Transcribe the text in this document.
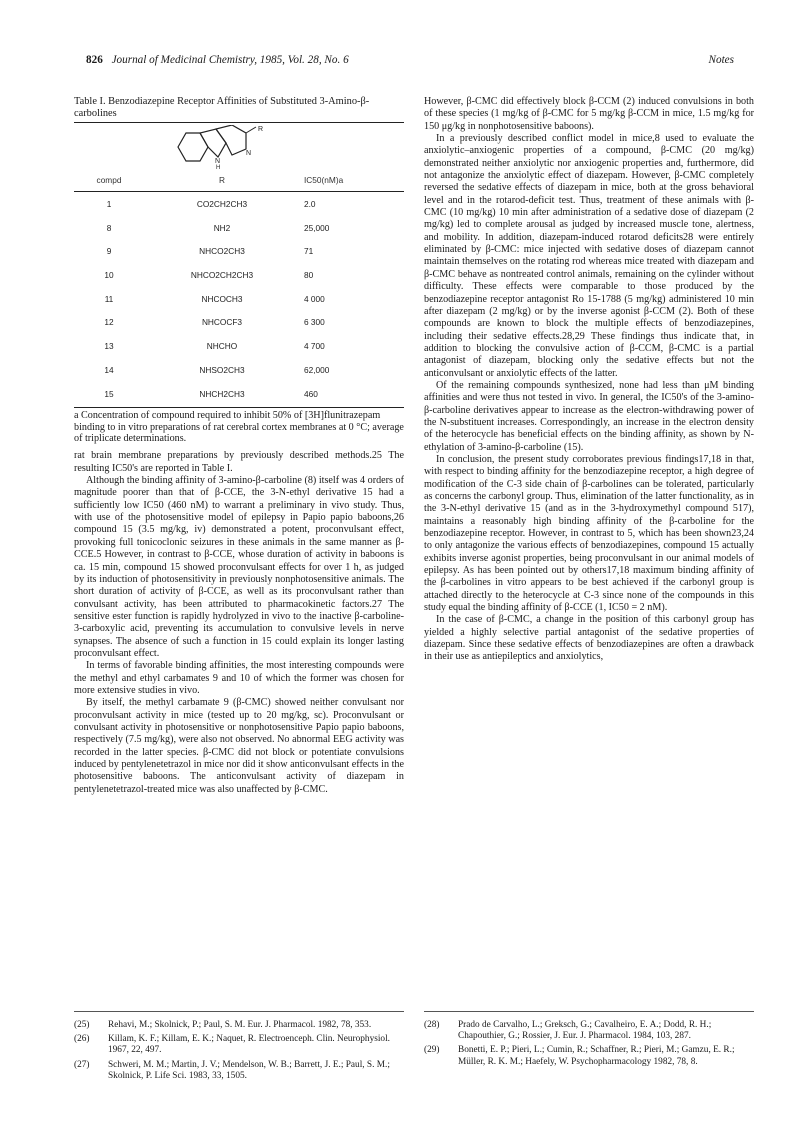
826 Journal of Medicinal Chemistry, 1985, Vol. 28, No. 6	Notes

Table I. Benzodiazepine Receptor Affinities of Substituted 3-Amino-β-carbolines

R
N
H
N
compd	R	IC50(nM)a
1	CO2CH2CH3	2.0
8	NH2	25,000
9	NHCO2CH3	71
10	NHCO2CH2CH3	80
11	NHCOCH3	4 000
12	NHCOCF3	6 300
13	NHCHO	4 700
14	NHSO2CH3	62,000
15	NHCH2CH3	460

a Concentration of compound required to inhibit 50% of [3H]flunitrazepam binding to in vitro preparations of rat cerebral cortex membranes at 0 °C; average of triplicate determinations.

rat brain membrane preparations by previously described methods.25 The resulting IC50's are reported in Table I.

Although the binding affinity of 3-amino-β-carboline (8) itself was 4 orders of magnitude poorer than that of β-CCE, the 3-N-ethyl derivative 15 had a sufficiently low IC50 (460 nM) to warrant a preliminary in vivo study. Thus, with use of the photosensitive model of epilepsy in Papio papio baboons,26 compound 15 (3.5 mg/kg, iv) demonstrated a potent, proconvulsant effect, provoking full tonicoclonic seizures in these animals in the same manner as β-CCE.5 However, in contrast to β-CCE, whose duration of activity in baboons is ca. 15 min, compound 15 showed proconvulsant effects for over 1 h, as judged by its induction of photosensitivity in previously nonphotosensitive animals. The short duration of activity of β-CCE, as well as its proconvulsant rather than convulsant activity, has been attributed to pharmacokinetic factors.27 The sensitive ester function is rapidly hydrolyzed in vivo to the inactive β-carboline-3-carboxylic acid, preventing its accumulation to convulsive levels in nerve synapses. The absence of such a function in 15 could explain its longer lasting proconvulsant effect.

In terms of favorable binding affinities, the most interesting compounds were the methyl and ethyl carbamates 9 and 10 of which the former was chosen for more extensive studies in vivo.

By itself, the methyl carbamate 9 (β-CMC) showed neither convulsant nor proconvulsant activity in mice (tested up to 20 mg/kg, sc). Proconvulsant or convulsant activity in photosensitive or nonphotosensitive Papio papio baboons, respectively (7.5 mg/kg), were also not observed. No abnormal EEG activity was recorded in the latter species. β-CMC did not block or potentiate convulsions induced by pentylenetetrazol in mice nor did it show anticonvulsant effects in the photosensitive baboons. The anticonvulsant activity of diazepam in pentylenetetrazol-treated mice was also unaffected by β-CMC.

However, β-CMC did effectively block β-CCM (2) induced convulsions in both of these species (1 mg/kg of β-CMC for 5 mg/kg β-CCM in mice, 1.5 mg/kg for 150 μg/kg in nonphotosensitive baboons).

In a previously described conflict model in mice,8 used to evaluate the anxiolytic–anxiogenic properties of a compound, β-CMC (20 mg/kg) demonstrated neither anxiolytic nor anxiogenic properties and, furthermore, did not antagonize the anxiolytic effect of diazepam. However, β-CMC completely reversed the sedative effects of diazepam in mice, both at the gross behavioral level and in the rotarod-deficit test. Thus, treatment of these animals with β-CMC (10 mg/kg) 10 min after administration of a sedative dose of diazepam (2 mg/kg) led to complete arousal as judged by increased muscle tone, alertness, and mobility. In addition, diazepam-induced rotarod deficits28 were entirely eliminated by β-CMC: mice injected with sedative doses of diazepam cannot maintain themselves on the rotating rod whereas mice treated with diazepam and β-CMC behave as nontreated control animals, remaining on the cylinder without difficulty. These effects were comparable to those produced by the benzodiazepine receptor antagonist Ro 15-1788 (5 mg/kg) administered 10 min after diazepam (2 mg/kg) or by the inverse agonist β-CCM (2). Both of these compounds are known to block the multiple effects of benzodiazepines, including their sedative effects.28,29 These findings thus indicate that, in addition to blocking the convulsive action of β-CCM, β-CMC is a partial antagonist of diazepam, blocking only the sedative effects but not the anticonvulsant or anxiolytic effects of the latter.

Of the remaining compounds synthesized, none had less than μM binding affinities and were thus not tested in vivo. In general, the IC50's of the 3-amino-β-carboline derivatives appear to increase as the electron-withdrawing power of the N-substituent increases. Correspondingly, an increase in the electron density of the heterocycle has beneficial effects on the binding affinity, as shown by N-ethylation of 3-amino-β-carboline (15).

In conclusion, the present study corroborates previous findings17,18 in that, with respect to binding affinity for the benzodiazepine receptor, a high degree of modification of the C-3 side chain of β-carbolines can be tolerated, particularly as concerns the carbonyl group. Thus, elimination of the latter functionality, as in the 3-N-ethyl derivative 15 (and as in the 3-hydroxymethyl compound 517), maintains a reasonably high binding affinity of the β-carboline for the benzodiazepine receptor. However, in contrast to 5, which has been shown23,24 to only antagonize the various effects of benzodiazepines, compound 15 actually exhibits inverse agonist properties, being proconvulsant in our animal models of epilepsy. As has been pointed out by others17,18 maximum binding affinity of the β-carbolines in vitro appears to be best achieved if the carbonyl group is attached directly to the heterocycle at C-3 since none of the compounds in this study equal the binding affinity of β-CCE (1, IC50 = 2 nM).

In the case of β-CMC, a change in the position of this carbonyl group has yielded a highly selective partial antagonist of the sedative properties of diazepam. Since these sedative effects of benzodiazepines are often a drawback in their use as antiepileptics and anxiolytics,

(25) Rehavi, M.; Skolnick, P.; Paul, S. M. Eur. J. Pharmacol. 1982, 78, 353.
(26) Killam, K. F.; Killam, E. K.; Naquet, R. Electroenceph. Clin. Neurophysiol. 1967, 22, 497.
(27) Schweri, M. M.; Martin, J. V.; Mendelson, W. B.; Barrett, J. E.; Paul, S. M.; Skolnick, P. Life Sci. 1983, 33, 1505.
(28) Prado de Carvalho, L.; Greksch, G.; Cavalheiro, E. A.; Dodd, R. H.; Chapouthier, G.; Rossier, J. Eur. J. Pharmacol. 1984, 103, 287.
(29) Bonetti, E. P.; Pieri, L.; Cumin, R.; Schaffner, R.; Pieri, M.; Gamzu, E. R.; Müller, R. K. M.; Haefely, W. Psychopharmacology 1982, 78, 8.
